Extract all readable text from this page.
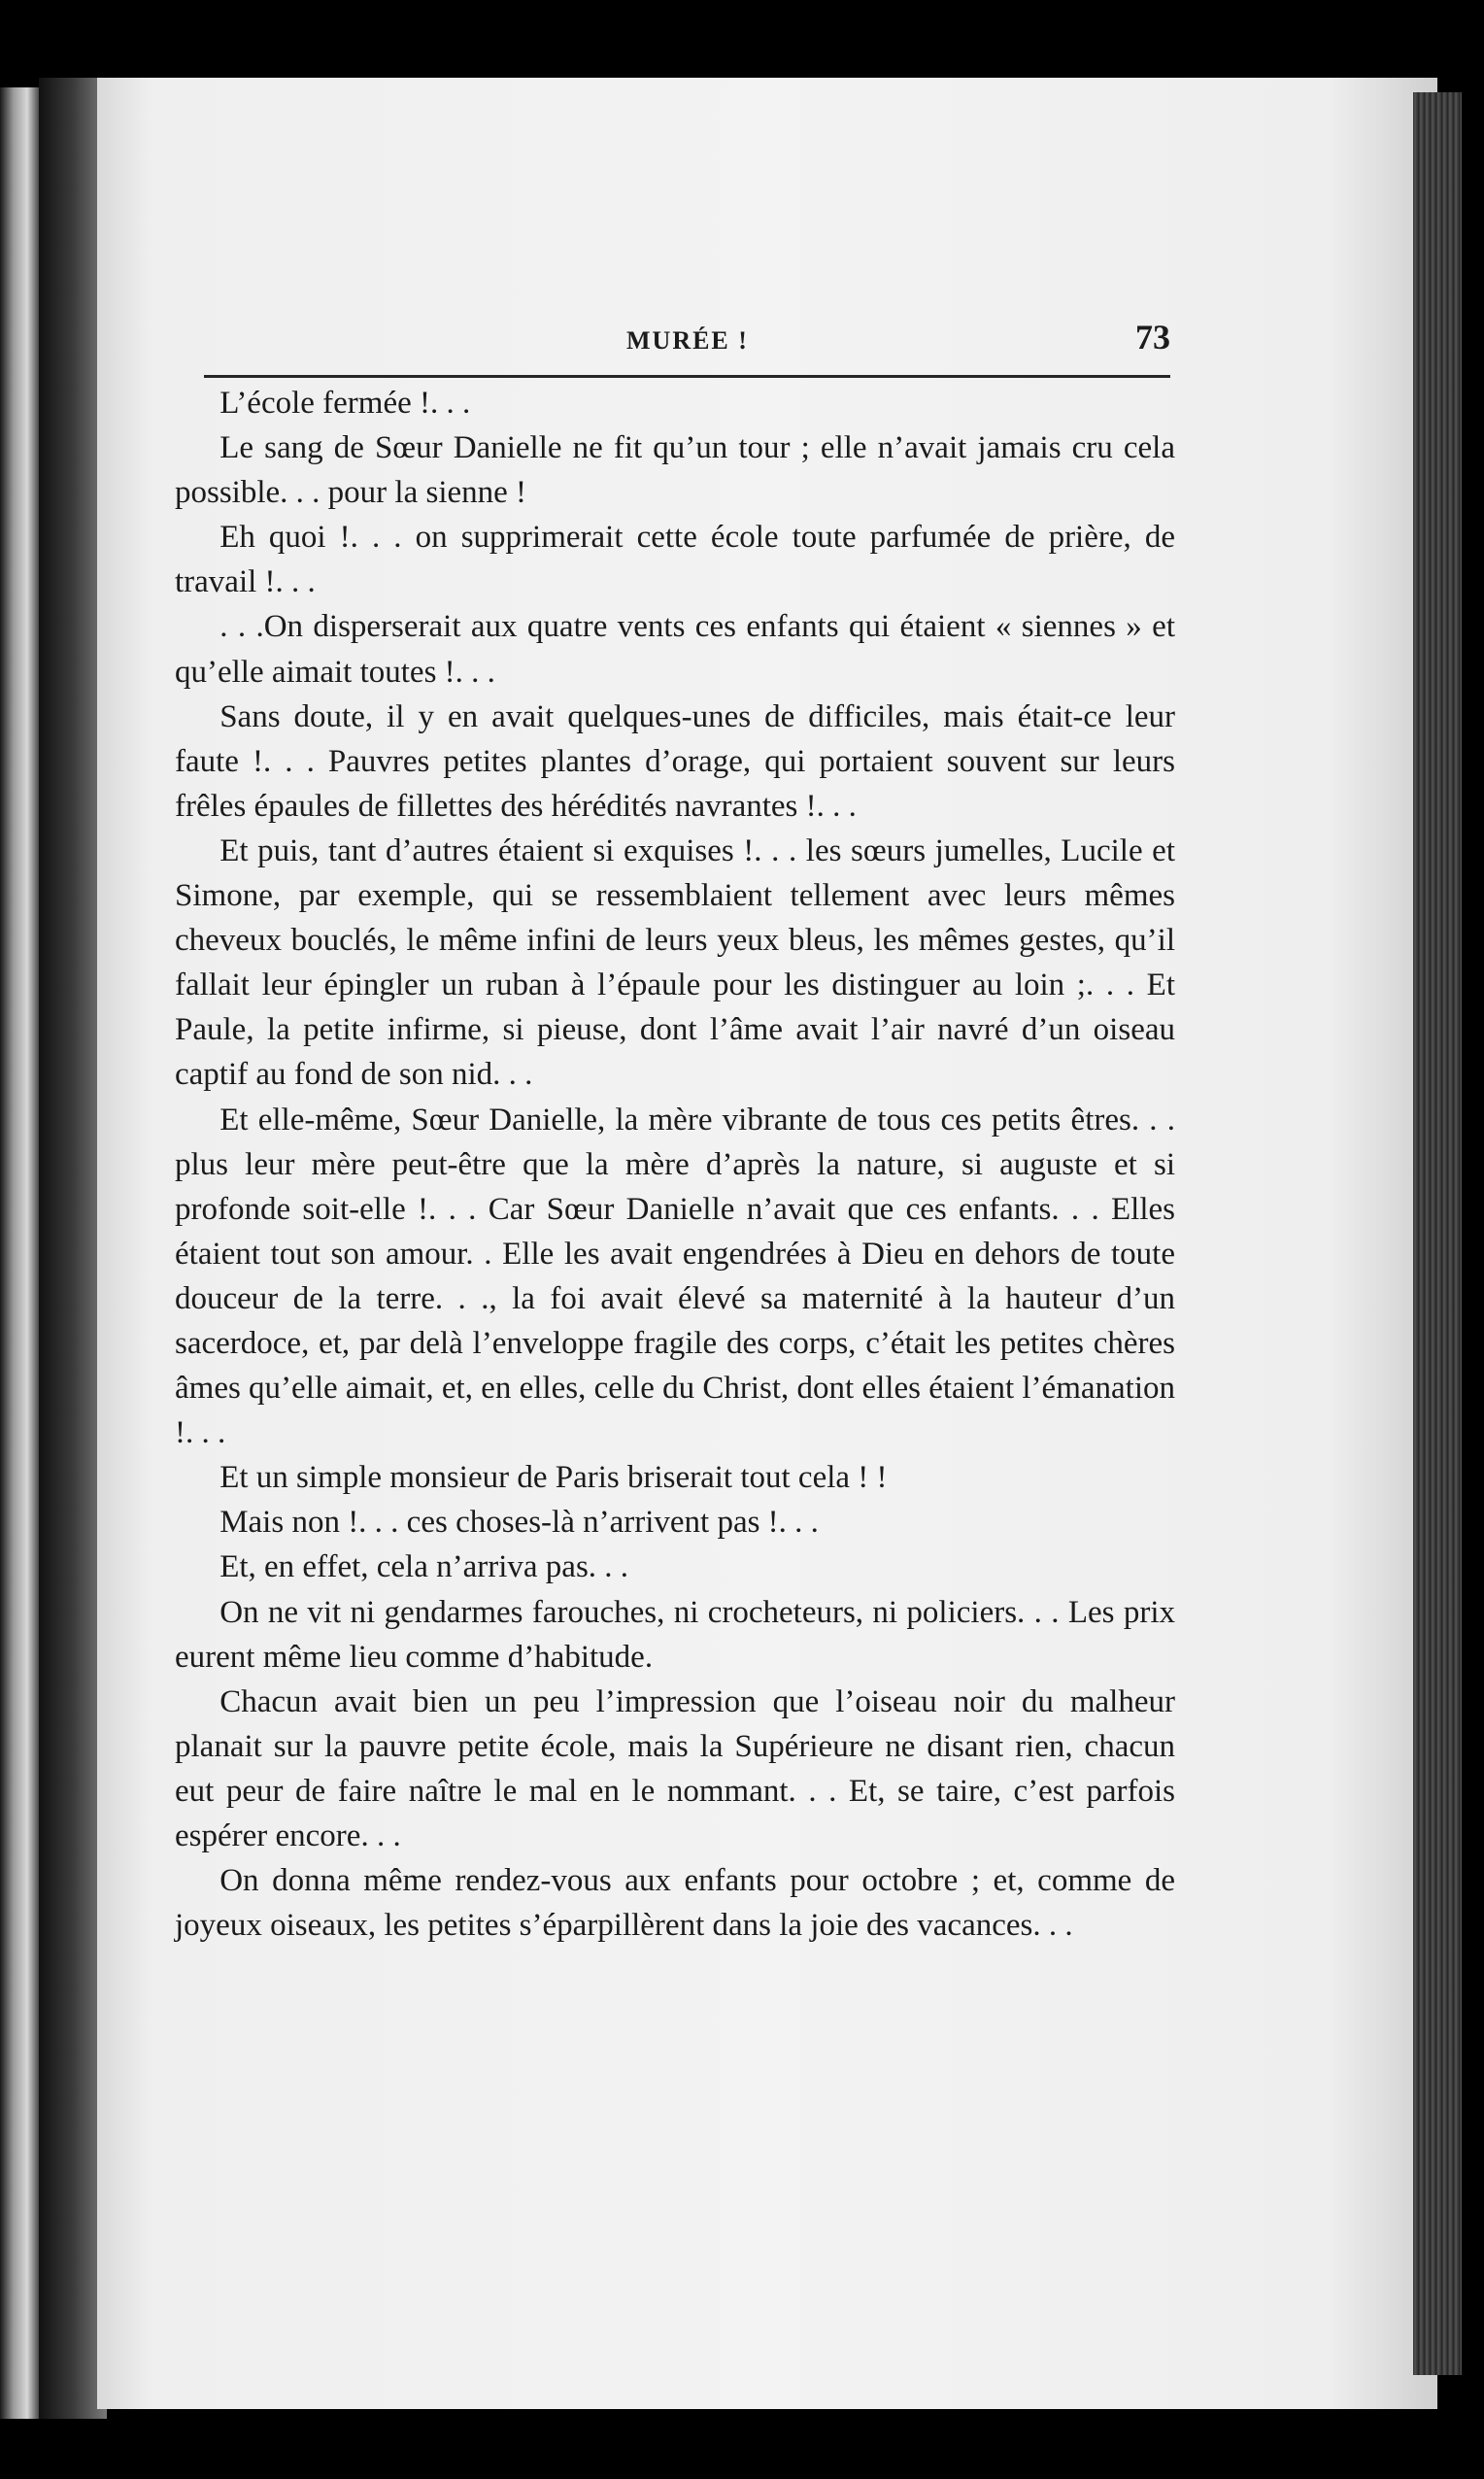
MURÉE !	73

L’école fermée !. . .

Le sang de Sœur Danielle ne fit qu’un tour ; elle n’avait jamais cru cela possible. . . pour la sienne !

Eh quoi !. . . on supprimerait cette école toute parfumée de prière, de travail !. . .

. . .On disperserait aux quatre vents ces enfants qui étaient « siennes » et qu’elle aimait toutes !. . .

Sans doute, il y en avait quelques-unes de difficiles, mais était-ce leur faute !. . . Pauvres petites plantes d’orage, qui portaient souvent sur leurs frêles épaules de fillettes des hérédités navrantes !. . .

Et puis, tant d’autres étaient si exquises !. . . les sœurs jumelles, Lucile et Simone, par exemple, qui se ressemblaient tellement avec leurs mêmes cheveux bouclés, le même infini de leurs yeux bleus, les mêmes gestes, qu’il fallait leur épingler un ruban à l’épaule pour les distinguer au loin ;. . . Et Paule, la petite infirme, si pieuse, dont l’âme avait l’air navré d’un oiseau captif au fond de son nid. . .

Et elle-même, Sœur Danielle, la mère vibrante de tous ces petits êtres. . . plus leur mère peut-être que la mère d’après la nature, si auguste et si profonde soit-elle !. . . Car Sœur Danielle n’avait que ces enfants. . . Elles étaient tout son amour. . Elle les avait engendrées à Dieu en dehors de toute douceur de la terre. . ., la foi avait élevé sa maternité à la hauteur d’un sacerdoce, et, par delà l’enveloppe fragile des corps, c’était les petites chères âmes qu’elle aimait, et, en elles, celle du Christ, dont elles étaient l’émanation !. . .

Et un simple monsieur de Paris briserait tout cela ! !

Mais non !. . . ces choses-là n’arrivent pas !. . .

Et, en effet, cela n’arriva pas. . .

On ne vit ni gendarmes farouches, ni crocheteurs, ni policiers. . . Les prix eurent même lieu comme d’habitude.

Chacun avait bien un peu l’impression que l’oiseau noir du malheur planait sur la pauvre petite école, mais la Supérieure ne disant rien, chacun eut peur de faire naître le mal en le nommant. . . Et, se taire, c’est parfois espérer encore. . .

On donna même rendez-vous aux enfants pour octobre ; et, comme de joyeux oiseaux, les petites s’éparpillèrent dans la joie des vacances. . .
